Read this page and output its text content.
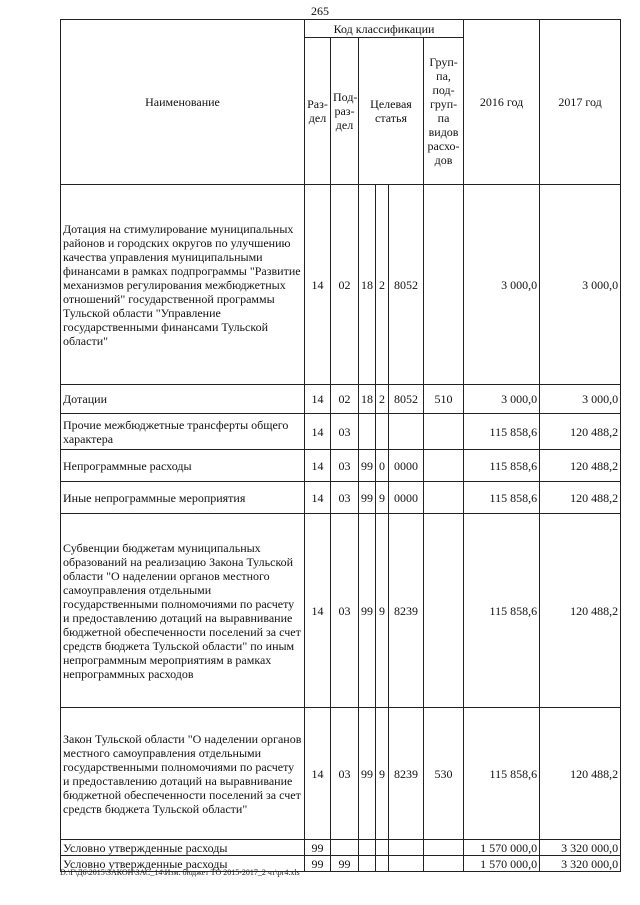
265
Наименование	Код классификации						2016 год	2017 год
	Раз-дел	Под-раз-дел	Целевая статья			Груп-па, под-груп-па видов расхо-дов		
Дотация на стимулирование муниципальных районов и городских округов по улучшению качества управления муниципальными финансами в рамках подпрограммы "Развитие механизмов регулирования межбюджетных отношений" государственной программы Тульской области "Управление государственными финансами Тульской области"	14	02	18	2	8052		3 000,0	3 000,0
Дотации	14	02	18	2	8052	510	3 000,0	3 000,0
Прочие межбюджетные трансферты общего характера	14	03					115 858,6	120 488,2
Непрограммные расходы	14	03	99	0	0000		115 858,6	120 488,2
Иные непрограммные мероприятия	14	03	99	9	0000		115 858,6	120 488,2
Субвенции бюджетам муниципальных образований на реализацию Закона Тульской области "О наделении органов местного самоуправления отдельными государственными полномочиями по расчету и предоставлению дотаций на выравнивание бюджетной обеспеченности поселений за счет средств бюджета Тульской области" по иным непрограммным мероприятиям в рамках непрограммных расходов	14	03	99	9	8239		115 858,6	120 488,2
Закон Тульской области "О наделении органов местного самоуправления отдельными государственными полномочиями по расчету и предоставлению дотаций на выравнивание бюджетной обеспеченности поселений за счет средств бюджета Тульской области"	14	03	99	9	8239	530	115 858,6	120 488,2
Условно утвержденные расходы	99						1 570 000,0	3 320 000,0
Условно утвержденные расходы	99	99					1 570 000,0	3 320 000,0
D:\Г\Д6\2015\ЗАКОН\ЗАС_14\Изм. бюджет ТО 2015-2017_2 чт\pr4.xls
